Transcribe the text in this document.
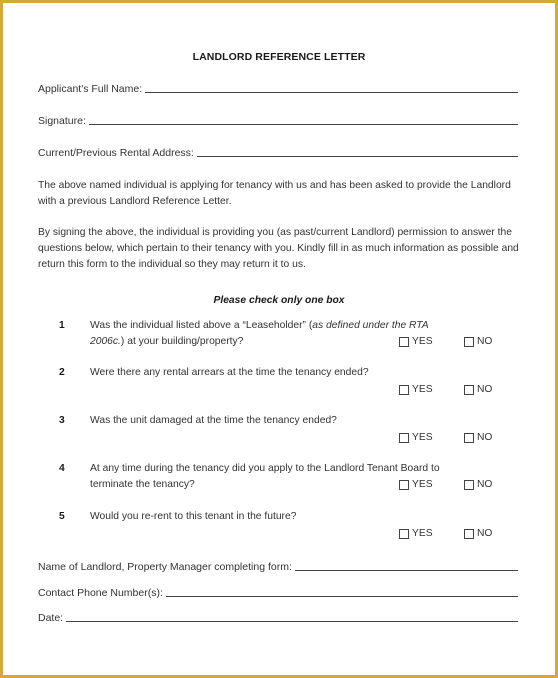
LANDLORD REFERENCE LETTER
Applicant's Full Name:
Signature:
Current/Previous Rental Address:
The above named individual is applying for tenancy with us and has been asked to provide the Landlord with a previous Landlord Reference Letter.
By signing the above, the individual is providing you (as past/current Landlord) permission to answer the questions below, which pertain to their tenancy with you. Kindly fill in as much information as possible and return this form to the individual so they may return it to us.
Please check only one box
1 Was the individual listed above a “Leaseholder” (as defined under the RTA 2006c.) at your building/property?	YES	NO
2 Were there any rental arrears at the time the tenancy ended?
YES	NO
3 Was the unit damaged at the time the tenancy ended?
YES	NO
4 At any time during the tenancy did you apply to the Landlord Tenant Board to terminate the tenancy?	YES	NO
5 Would you re-rent to this tenant in the future?
YES	NO
Name of Landlord, Property Manager completing form:
Contact Phone Number(s):
Date:
